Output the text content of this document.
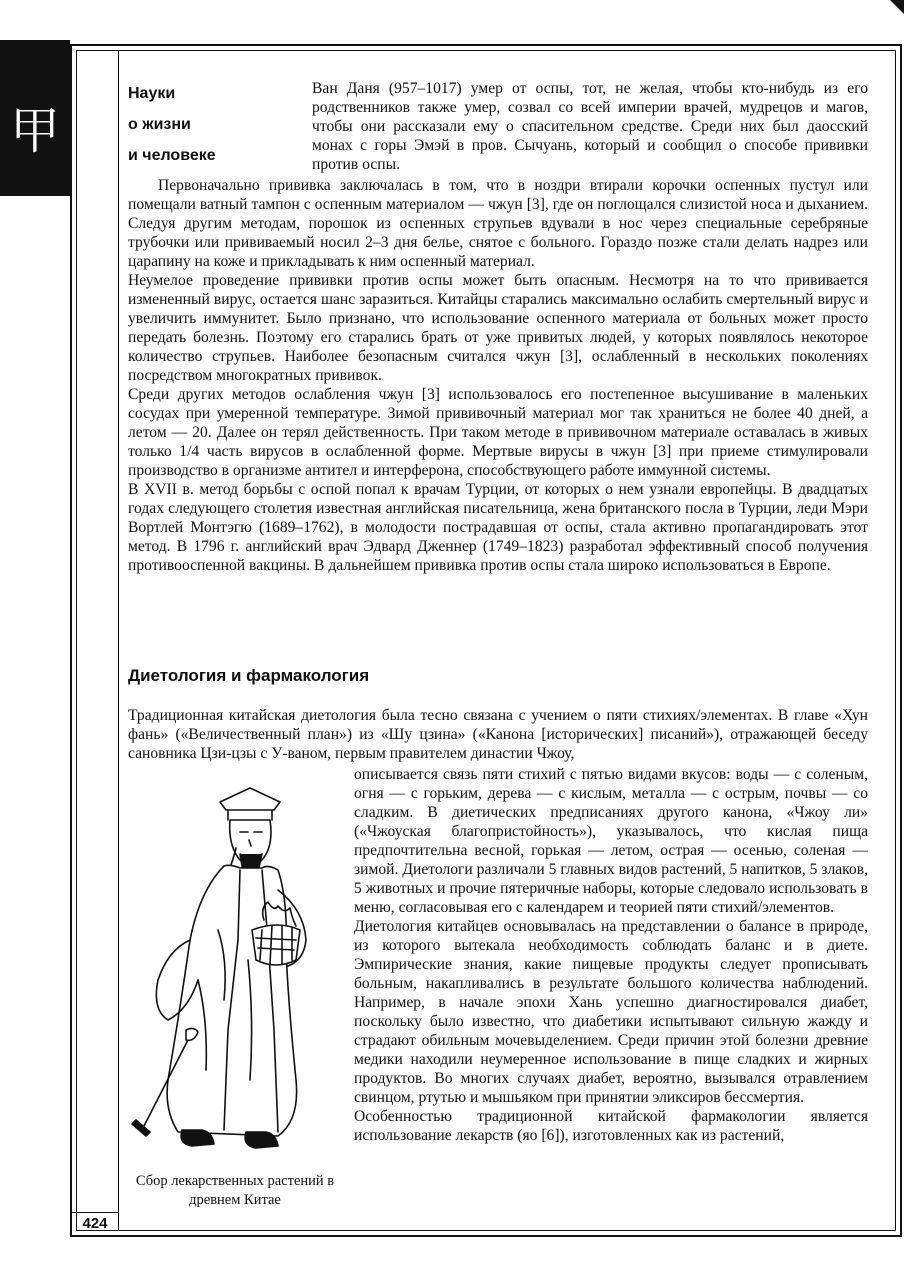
甲
424
Науки
о жизни
и человеке

Ван Даня (957–1017) умер от оспы, тот, не желая, чтобы кто-нибудь из его родственников также умер, созвал со всей империи врачей, мудрецов и магов, чтобы они рассказали ему о спасительном средстве. Среди них был даосский монах с горы Эмэй в пров. Сычуань, который и сообщил о способе прививки против оспы.

Первоначально прививка заключалась в том, что в ноздри втирали корочки оспенных пустул или помещали ватный тампон с оспенным материалом — чжун [3], где он поглощался слизистой носа и дыханием. Следуя другим методам, порошок из оспенных струпьев вдували в нос через специальные серебряные трубочки или прививаемый носил 2–3 дня белье, снятое с больного. Гораздо позже стали делать надрез или царапину на коже и прикладывать к ним оспенный материал.

Неумелое проведение прививки против оспы может быть опасным. Несмотря на то что прививается измененный вирус, остается шанс заразиться. Китайцы старались максимально ослабить смертельный вирус и увеличить иммунитет. Было признано, что использование оспенного материала от больных может просто передать болезнь. Поэтому его старались брать от уже привитых людей, у которых появлялось некоторое количество струпьев. Наиболее безопасным считался чжун [3], ослабленный в нескольких поколениях посредством многократных прививок.

Среди других методов ослабления чжун [3] использовалось его постепенное высушивание в маленьких сосудах при умеренной температуре. Зимой прививочный материал мог так храниться не более 40 дней, а летом — 20. Далее он терял действенность. При таком методе в прививочном материале оставалась в живых только 1/4 часть вирусов в ослабленной форме. Мертвые вирусы в чжун [3] при приеме стимулировали производство в организме антител и интерферона, способствующего работе иммунной системы.

В XVII в. метод борьбы с оспой попал к врачам Турции, от которых о нем узнали европейцы. В двадцатых годах следующего столетия известная английская писательница, жена британского посла в Турции, леди Мэри Вортлей Монтэгю (1689–1762), в молодости пострадавшая от оспы, стала активно пропагандировать этот метод. В 1796 г. английский врач Эдвард Дженнер (1749–1823) разработал эффективный способ получения противооспенной вакцины. В дальнейшем прививка против оспы стала широко использоваться в Европе.

Диетология и фармакология

Традиционная китайская диетология была тесно связана с учением о пяти стихиях/элементах. В главе «Хун фань» («Величественный план») из «Шу цзина» («Канона [исторических] писаний»), отражающей беседу сановника Цзи-цзы с У-ваном, первым правителем династии Чжоу,

описывается связь пяти стихий с пятью видами вкусов: воды — с соленым, огня — с горьким, дерева — с кислым, металла — с острым, почвы — со сладким. В диетических предписаниях другого канона, «Чжоу ли» («Чжоуская благопристойность»), указывалось, что кислая пища предпочтительна весной, горькая — летом, острая — осенью, соленая — зимой. Диетологи различали 5 главных видов растений, 5 напитков, 5 злаков, 5 животных и прочие пятеричные наборы, которые следовало использовать в меню, согласовывая его с календарем и теорией пяти стихий/элементов.

Диетология китайцев основывалась на представлении о балансе в природе, из которого вытекала необходимость соблюдать баланс и в диете. Эмпирические знания, какие пищевые продукты следует прописывать больным, накапливались в результате большого количества наблюдений. Например, в начале эпохи Хань успешно диагностировался диабет, поскольку было известно, что диабетики испытывают сильную жажду и страдают обильным мочевыделением. Среди причин этой болезни древние медики находили неумеренное использование в пище сладких и жирных продуктов. Во многих случаях диабет, вероятно, вызывался отравлением свинцом, ртутью и мышьяком при принятии эликсиров бессмертия.

Особенностью традиционной китайской фармакологии является использование лекарств (яо [6]), изготовленных как из растений,

Сбор лекарственных растений в древнем Китае
